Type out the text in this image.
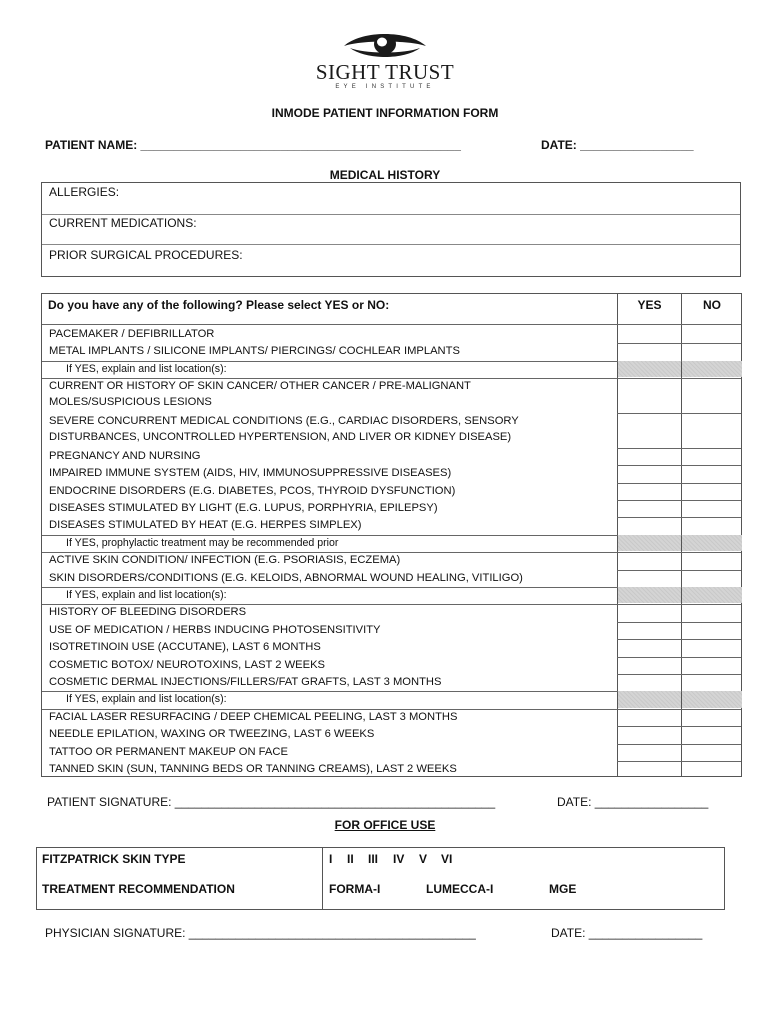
SIGHT TRUST
EYE INSTITUTE
INMODE PATIENT INFORMATION FORM
PATIENT NAME: ________________________________________________	DATE: _________________
MEDICAL HISTORY
ALLERGIES:
CURRENT MEDICATIONS:
PRIOR SURGICAL PROCEDURES:
Do you have any of the following? Please select YES or NO:	YES	NO
PACEMAKER / DEFIBRILLATOR
METAL IMPLANTS / SILICONE IMPLANTS/ PIERCINGS/ COCHLEAR IMPLANTS
If YES, explain and list location(s):
CURRENT OR HISTORY OF SKIN CANCER/ OTHER CANCER / PRE-MALIGNANT
MOLES/SUSPICIOUS LESIONS
SEVERE CONCURRENT MEDICAL CONDITIONS (E.G., CARDIAC DISORDERS, SENSORY
DISTURBANCES, UNCONTROLLED HYPERTENSION, AND LIVER OR KIDNEY DISEASE)
PREGNANCY AND NURSING
IMPAIRED IMMUNE SYSTEM (AIDS, HIV, IMMUNOSUPPRESSIVE DISEASES)
ENDOCRINE DISORDERS (E.G. DIABETES, PCOS, THYROID DYSFUNCTION)
DISEASES STIMULATED BY LIGHT (E.G. LUPUS, PORPHYRIA, EPILEPSY)
DISEASES STIMULATED BY HEAT (E.G. HERPES SIMPLEX)
If YES, prophylactic treatment may be recommended prior
ACTIVE SKIN CONDITION/ INFECTION (E.G. PSORIASIS, ECZEMA)
SKIN DISORDERS/CONDITIONS (E.G. KELOIDS, ABNORMAL WOUND HEALING, VITILIGO)
If YES, explain and list location(s):
HISTORY OF BLEEDING DISORDERS
USE OF MEDICATION / HERBS INDUCING PHOTOSENSITIVITY
ISOTRETINOIN USE (ACCUTANE), LAST 6 MONTHS
COSMETIC BOTOX/ NEUROTOXINS, LAST 2 WEEKS
COSMETIC DERMAL INJECTIONS/FILLERS/FAT GRAFTS, LAST 3 MONTHS
If YES, explain and list location(s):
FACIAL LASER RESURFACING / DEEP CHEMICAL PEELING, LAST 3 MONTHS
NEEDLE EPILATION, WAXING OR TWEEZING, LAST 6 WEEKS
TATTOO OR PERMANENT MAKEUP ON FACE
TANNED SKIN (SUN, TANNING BEDS OR TANNING CREAMS), LAST 2 WEEKS
PATIENT SIGNATURE: ________________________________________________	DATE: _________________
FOR OFFICE USE
FITZPATRICK SKIN TYPE	I II III IV V VI
TREATMENT RECOMMENDATION	FORMA-I	LUMECCA-I	MGE
PHYSICIAN SIGNATURE: ___________________________________________	DATE: _________________
